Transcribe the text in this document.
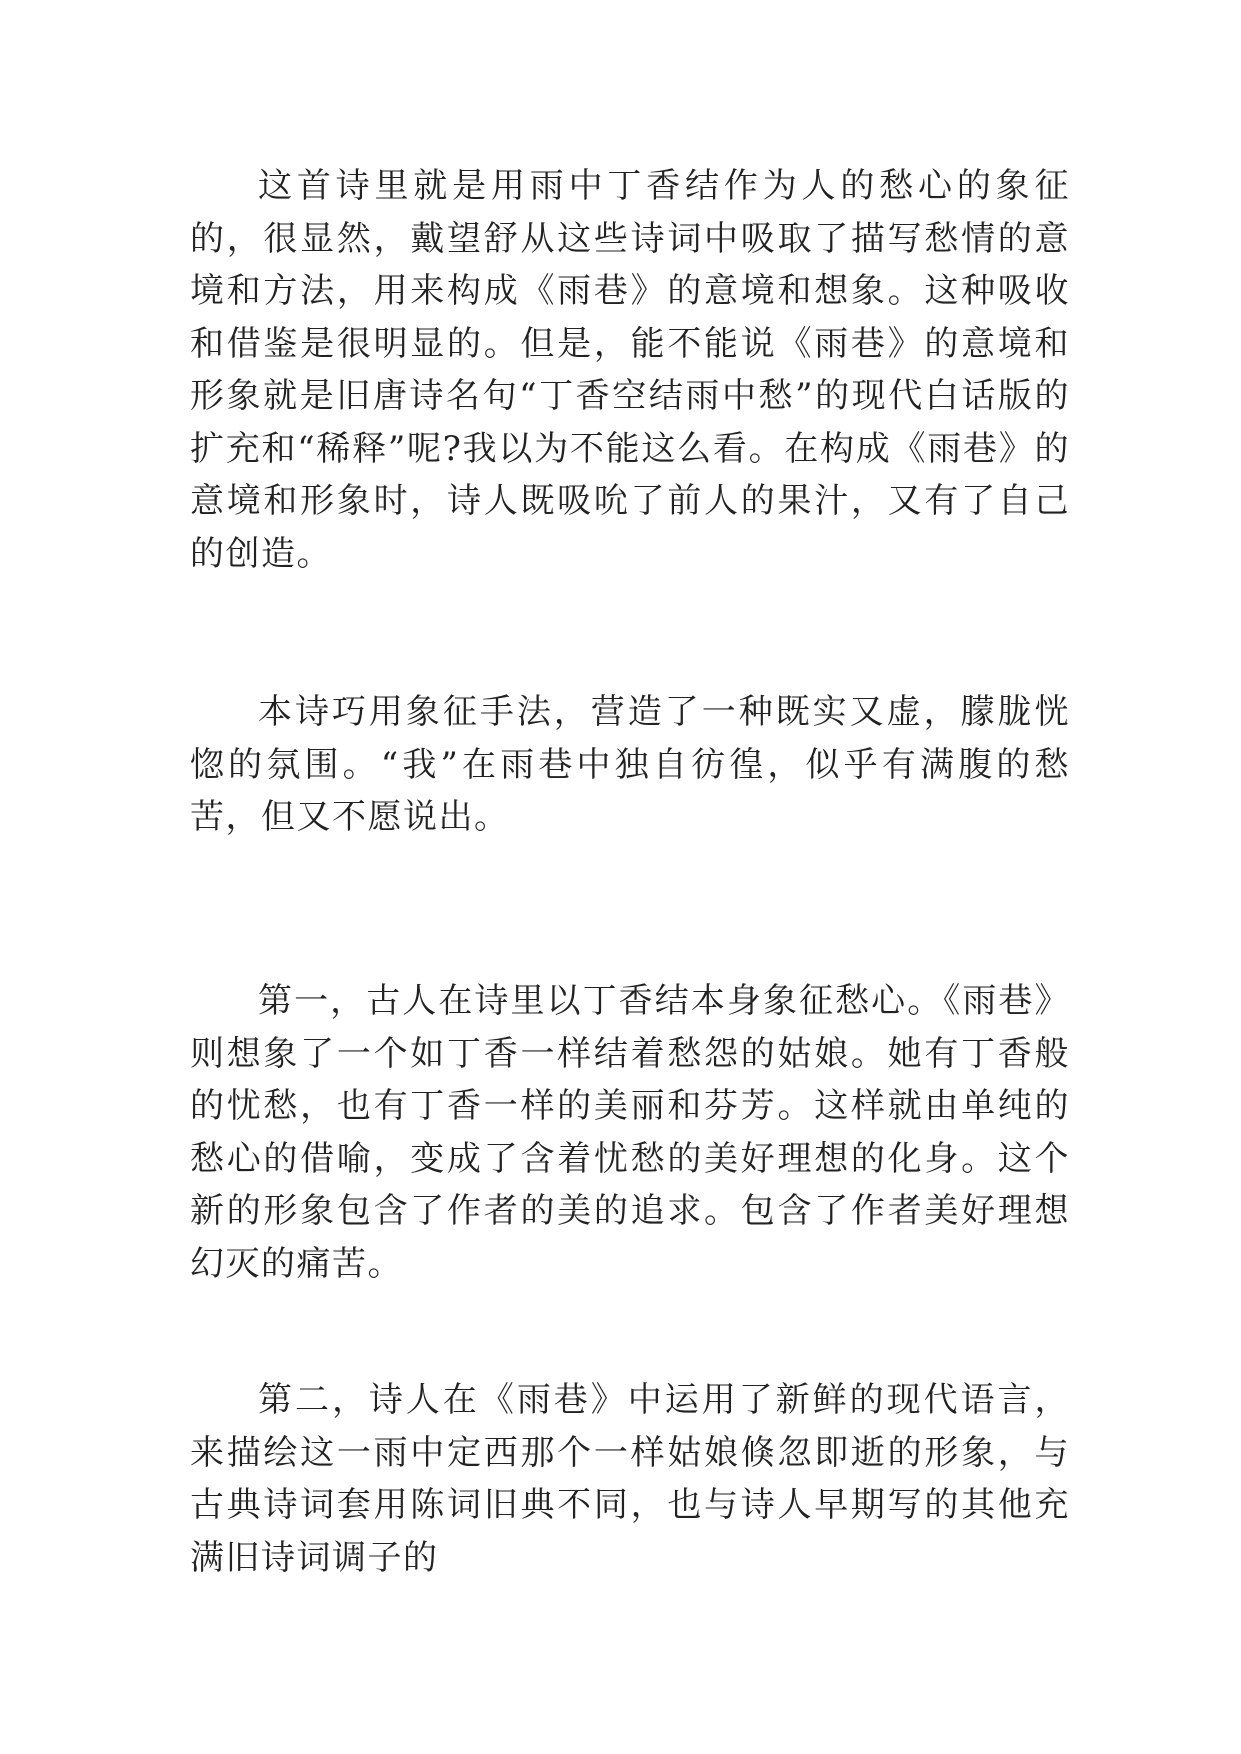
这首诗里就是用雨中丁香结作为人的愁心的象征的，很显然，戴望舒从这些诗词中吸取了描写愁情的意境和方法，用来构成《雨巷》的意境和想象。这种吸收和借鉴是很明显的。但是，能不能说《雨巷》的意境和形象就是旧唐诗名句“丁香空结雨中愁”的现代白话版的扩充和“稀释”呢?我以为不能这么看。在构成《雨巷》的意境和形象时，诗人既吸吮了前人的果汁，又有了自己的创造。

本诗巧用象征手法，营造了一种既实又虚，朦胧恍惚的氛围。“我”在雨巷中独自彷徨，似乎有满腹的愁苦，但又不愿说出。

第一，古人在诗里以丁香结本身象征愁心。《雨巷》则想象了一个如丁香一样结着愁怨的姑娘。她有丁香般的忧愁，也有丁香一样的美丽和芬芳。这样就由单纯的愁心的借喻，变成了含着忧愁的美好理想的化身。这个新的形象包含了作者的美的追求。包含了作者美好理想幻灭的痛苦。

第二，诗人在《雨巷》中运用了新鲜的现代语言，来描绘这一雨中定西那个一样姑娘倏忽即逝的形象，与古典诗词套用陈词旧典不同，也与诗人早期写的其他充满旧诗词调子的
